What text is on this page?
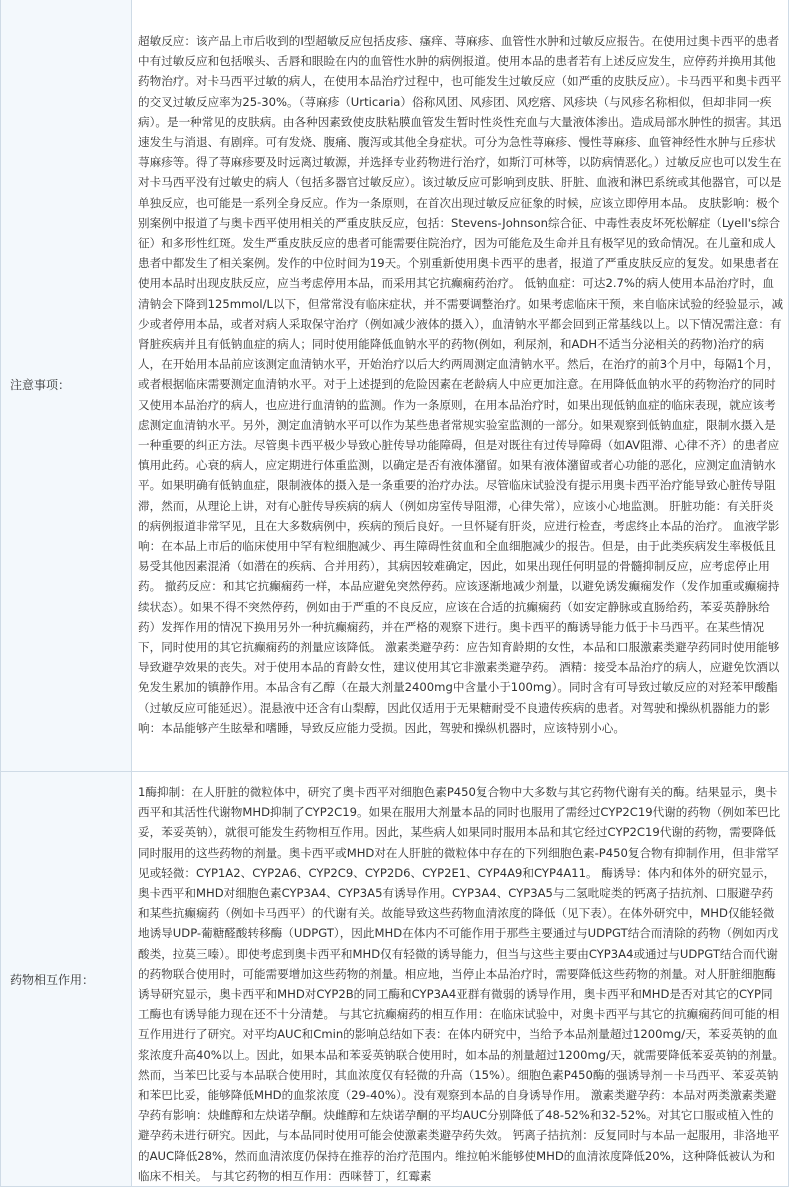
注意事项：	超敏反应：该产品上市后收到的Ⅰ型超敏反应包括皮疹、瘙痒、荨麻疹、血管性水肿和过敏反应报告。在使用过奥卡西平的患者中有过敏反应和包括喉头、舌唇和眼睑在内的血管性水肿的病例报道。使用本品的患者若有上述反应发生，应停药并换用其他药物治疗。对卡马西平过敏的病人，在使用本品治疗过程中，也可能发生过敏反应（如严重的皮肤反应）。卡马西平和奥卡西平的交叉过敏反应率为25-30%。（荨麻疹（Urticaria）俗称风团、风疹团、风疙瘩、风疹块（与风疹名称相似，但却非同一疾病）。是一种常见的皮肤病。由各种因素致使皮肤粘膜血管发生暂时性炎性充血与大量液体渗出。造成局部水肿性的损害。其迅速发生与消退、有剧痒。可有发烧、腹痛、腹泻或其他全身症状。可分为急性荨麻疹、慢性荨麻疹、血管神经性水肿与丘疹状荨麻疹等。得了荨麻疹要及时远离过敏源，并选择专业药物进行治疗，如斯汀可林等，以防病情恶化。）过敏反应也可以发生在对卡马西平没有过敏史的病人（包括多器官过敏反应）。该过敏反应可影响到皮肤、肝脏、血液和淋巴系统或其他器官，可以是单独反应，也可能是一系列全身反应。作为一条原则，在首次出现过敏反应征象的时候，应该立即停用本品。 皮肤影响：极个别案例中报道了与奥卡西平使用相关的严重皮肤反应，包括：Stevens-Johnson综合征、中毒性表皮坏死松解症（Lyell's综合征）和多形性红斑。发生严重皮肤反应的患者可能需要住院治疗，因为可能危及生命并且有极罕见的致命情况。在儿童和成人患者中都发生了相关案例。发作的中位时间为19天。个别重新使用奥卡西平的患者，报道了严重皮肤反应的复发。如果患者在使用本品时出现皮肤反应，应当考虑停用本品，而采用其它抗癫痫药治疗。 低钠血症：可达2.7%的病人使用本品治疗时，血清钠会下降到125mmol/L以下，但常常没有临床症状，并不需要调整治疗。如果考虑临床干预，来自临床试验的经验显示，减少或者停用本品，或者对病人采取保守治疗（例如减少液体的摄入），血清钠水平都会回到正常基线以上。以下情况需注意：有肾脏疾病并且有低钠血症的病人；同时使用能降低血钠水平的药物(例如，利尿剂，和ADH不适当分泌相关的药物)治疗的病人，在开始用本品前应该测定血清钠水平，开始治疗以后大约两周测定血清钠水平。然后，在治疗的前3个月中，每隔1个月，或者根据临床需要测定血清钠水平。对于上述提到的危险因素在老龄病人中应更加注意。在用降低血钠水平的药物治疗的同时又使用本品治疗的病人，也应进行血清钠的监测。作为一条原则，在用本品治疗时，如果出现低钠血症的临床表现，就应该考虑测定血清钠水平。另外，测定血清钠水平可以作为某些患者常规实验室监测的一部分。如果观察到低钠血症，限制水摄入是一种重要的纠正方法。尽管奥卡西平极少导致心脏传导功能障碍，但是对既往有过传导障碍（如AV阻滞、心律不齐）的患者应慎用此药。心衰的病人，应定期进行体重监测，以确定是否有液体潴留。如果有液体潴留或者心功能的恶化，应测定血清钠水平。如果明确有低钠血症，限制液体的摄入是一条重要的治疗办法。尽管临床试验没有提示用奥卡西平治疗能导致心脏传导阻滞，然而，从理论上讲，对有心脏传导疾病的病人（例如房室传导阻滞，心律失常），应该小心地监测。 肝脏功能：有关肝炎的病例报道非常罕见，且在大多数病例中，疾病的预后良好。一旦怀疑有肝炎，应进行检查，考虑终止本品的治疗。 血液学影响：在本品上市后的临床使用中罕有粒细胞减少、再生障碍性贫血和全血细胞减少的报告。但是，由于此类疾病发生率极低且易受其他因素混淆（如潜在的疾病、合并用药），其病因较难确定，因此，如果出现任何明显的骨髓抑制反应，应考虑停止用药。 撤药反应：和其它抗癫痫药一样，本品应避免突然停药。应该逐渐地减少剂量，以避免诱发癫痫发作（发作加重或癫痫持续状态）。如果不得不突然停药，例如由于严重的不良反应，应该在合适的抗癫痫药（如安定静脉或直肠给药，苯妥英静脉给药）发挥作用的情况下换用另外一种抗癫痫药，并在严格的观察下进行。奥卡西平的酶诱导能力低于卡马西平。在某些情况下，同时使用的其它抗癫痫药的剂量应该降低。 激素类避孕药：应告知育龄期的女性，本品和口服激素类避孕药同时使用能够导致避孕效果的丧失。对于使用本品的育龄女性，建议使用其它非激素类避孕药。 酒精：接受本品治疗的病人，应避免饮酒以免发生累加的镇静作用。本品含有乙醇（在最大剂量2400mg中含量小于100mg）。同时含有可导致过敏反应的对羟苯甲酸酯（过敏反应可能延迟）。混悬液中还含有山梨醇，因此仅适用于无果糖耐受不良遗传疾病的患者。对驾驶和操纵机器能力的影响：本品能够产生眩晕和嗜睡，导致反应能力受损。因此，驾驶和操纵机器时，应该特别小心。
药物相互作用：	1酶抑制：在人肝脏的微粒体中，研究了奥卡西平对细胞色素P450复合物中大多数与其它药物代谢有关的酶。结果显示，奥卡西平和其活性代谢物MHD抑制了CYP2C19。如果在服用大剂量本品的同时也服用了需经过CYP2C19代谢的药物（例如苯巴比妥，苯妥英钠），就很可能发生药物相互作用。因此，某些病人如果同时服用本品和其它经过CYP2C19代谢的药物，需要降低同时服用的这些药物的剂量。奥卡西平或MHD对在人肝脏的微粒体中存在的下列细胞色素-P450复合物有抑制作用，但非常罕见或轻微：CYP1A2、CYP2A6、CYP2C9、CYP2D6、CYP2E1、CYP4A9和CYP4A11。 酶诱导：体内和体外的研究显示，奥卡西平和MHD对细胞色素CYP3A4、CYP3A5有诱导作用。CYP3A4、CYP3A5与二氢吡啶类的钙离子拮抗剂、口服避孕药和某些抗癫痫药（例如卡马西平）的代谢有关。故能导致这些药物血清浓度的降低（见下表）。在体外研究中，MHD仅能轻微地诱导UDP-葡糖醛酸转移酶（UDPGT），因此MHD在体内不可能作用于那些主要通过与UDPGT结合而清除的药物（例如丙戊酸类，拉莫三嗪）。即使考虑到奥卡西平和MHD仅有轻微的诱导能力，但当与这些主要由CYP3A4或通过与UDPGT结合而代谢的药物联合使用时，可能需要增加这些药物的剂量。相应地，当停止本品治疗时，需要降低这些药物的剂量。对人肝脏细胞酶诱导研究显示，奥卡西平和MHD对CYP2B的同工酶和CYP3A4亚群有微弱的诱导作用，奥卡西平和MHD是否对其它的CYP同工酶也有诱导能力现在还不十分清楚。 与其它抗癫痫药的相互作用：在临床试验中，对奥卡西平与其它的抗癫痫药间可能的相互作用进行了研究。对平均AUC和Cmin的影响总结如下表：在体内研究中，当给予本品剂量超过1200mg/天，苯妥英钠的血浆浓度升高40%以上。因此，如果本品和苯妥英钠联合使用时，如本品的剂量超过1200mg/天，就需要降低苯妥英钠的剂量。然而，当苯巴比妥与本品联合使用时，其血浓度仅有轻微的升高（15%）。细胞色素P450酶的强诱导剂－卡马西平、苯妥英钠和苯巴比妥，能够降低MHD的血浆浓度（29-40%）。没有观察到本品的自身诱导作用。 激素类避孕药：本品对两类激素类避孕药有影响：炔雌醇和左炔诺孕酮。炔雌醇和左炔诺孕酮的平均AUC分别降低了48-52%和32-52%。对其它口服或植入性的避孕药未进行研究。因此，与本品同时使用可能会使激素类避孕药失效。 钙离子拮抗剂：反复同时与本品一起服用，非洛地平的AUC降低28%，然而血清浓度仍保持在推荐的治疗范围内。维拉帕米能够使MHD的血清浓度降低20%，这种降低被认为和临床不相关。 与其它药物的相互作用：西咪替丁，红霉素
